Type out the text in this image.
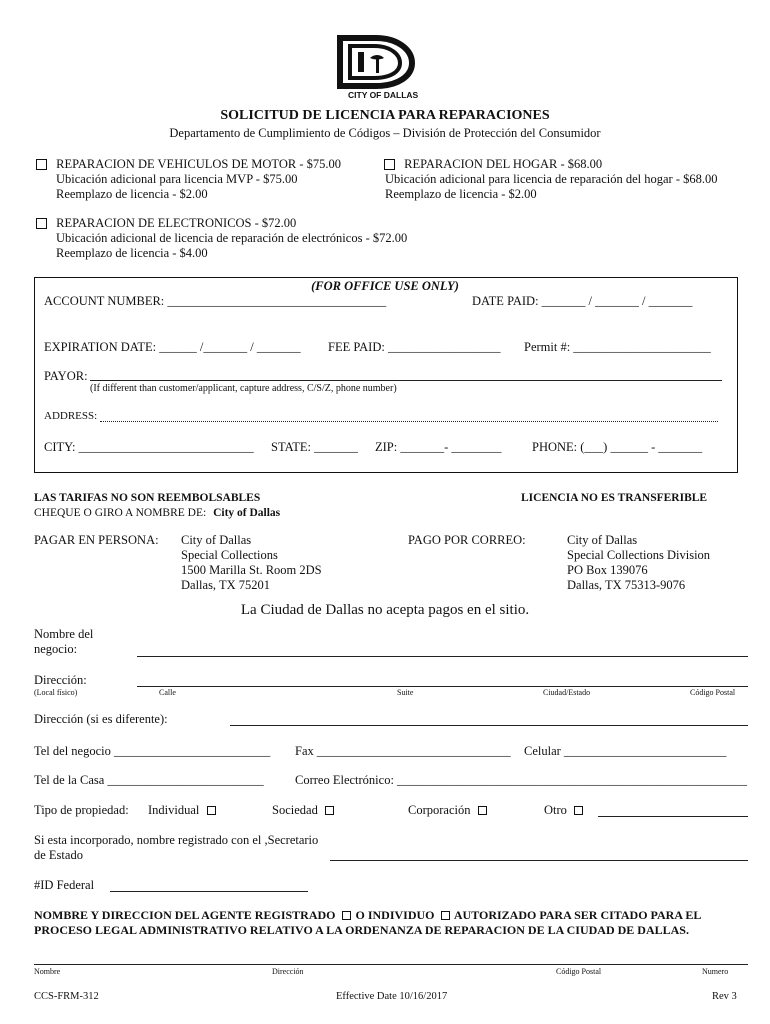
CITY OF DALLAS
SOLICITUD DE LICENCIA PARA REPARACIONES
Departamento de Cumplimiento de Códigos – División de Protección del Consumidor
REPARACION DE VEHICULOS DE MOTOR - $75.00
Ubicación adicional para licencia MVP - $75.00
Reemplazo de licencia - $2.00
REPARACION DEL HOGAR - $68.00
Ubicación adicional para licencia de reparación del hogar - $68.00
Reemplazo de licencia - $2.00
REPARACION DE ELECTRONICOS - $72.00
Ubicación adicional de licencia de reparación de electrónicos - $72.00
Reemplazo de licencia - $4.00
(FOR OFFICE USE ONLY)
ACCOUNT NUMBER: ___________________________________	DATE PAID: _______ / _______ / _______
EXPIRATION DATE: ______ /_______ / _______ FEE PAID: __________________ Permit #: ______________________
PAYOR:
(If different than customer/applicant, capture address, C/S/Z, phone number)
ADDRESS:
CITY: ____________________________ STATE: _______ ZIP: _______- ________ PHONE: (___) ______ - _______
LAS TARIFAS NO SON REEMBOLSABLES	LICENCIA NO ES TRANSFERIBLE
CHEQUE O GIRO A NOMBRE DE: City of Dallas
PAGAR EN PERSONA: City of Dallas
Special Collections
1500 Marilla St. Room 2DS
Dallas, TX 75201
PAGO POR CORREO:	City of Dallas
Special Collections Division
PO Box 139076
Dallas, TX 75313-9076
La Ciudad de Dallas no acepta pagos en el sitio.
Nombre del
negocio:
Dirección:
(Local físico)	Calle	Suite	Ciudad/Estado	Código Postal
Dirección (si es diferente):
Tel del negocio _________________________ Fax _______________________________ Celular __________________________
Tel de la Casa _________________________	Correo Electrónico: ________________________________________________________
Tipo de propiedad: Individual	Sociedad	Corporación	Otro
Si esta incorporado, nombre registrado con el ,Secretario
de Estado
#ID Federal
NOMBRE Y DIRECCION DEL AGENTE REGISTRADO O INDIVIDUO AUTORIZADO PARA SER CITADO PARA EL
PROCESO LEGAL ADMINISTRATIVO RELATIVO A LA ORDENANZA DE REPARACION DE LA CIUDAD DE DALLAS.
Nombre	Dirección	Código Postal	Numero
CCS-FRM-312	Effective Date 10/16/2017	Rev 3
